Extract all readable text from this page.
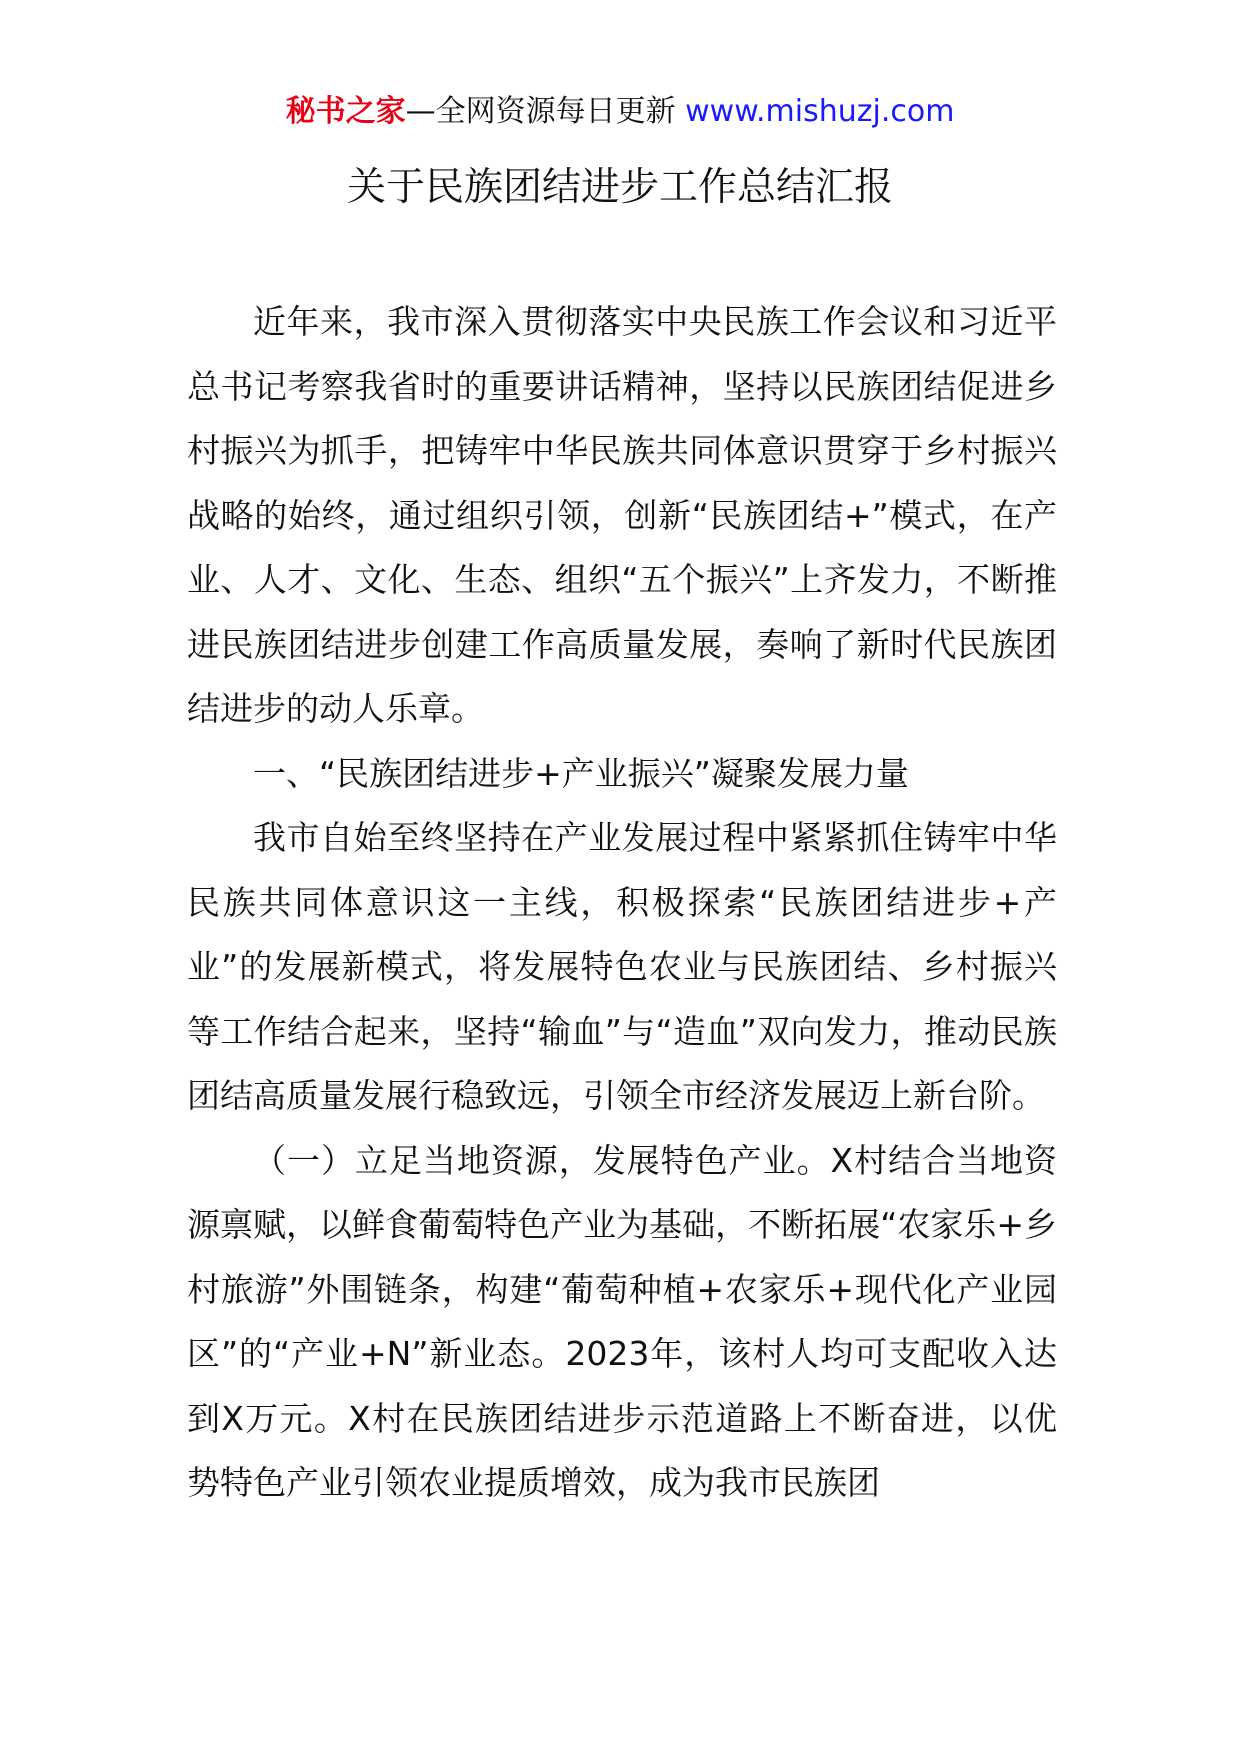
秘书之家—全网资源每日更新 www.mishuzj.com
关于民族团结进步工作总结汇报

近年来，我市深入贯彻落实中央民族工作会议和习近平总书记考察我省时的重要讲话精神，坚持以民族团结促进乡村振兴为抓手，把铸牢中华民族共同体意识贯穿于乡村振兴战略的始终，通过组织引领，创新“民族团结+”模式，在产业、人才、文化、生态、组织“五个振兴”上齐发力，不断推进民族团结进步创建工作高质量发展，奏响了新时代民族团结进步的动人乐章。

一、“民族团结进步+产业振兴”凝聚发展力量

我市自始至终坚持在产业发展过程中紧紧抓住铸牢中华民族共同体意识这一主线，积极探索“民族团结进步+产业”的发展新模式，将发展特色农业与民族团结、乡村振兴等工作结合起来，坚持“输血”与“造血”双向发力，推动民族团结高质量发展行稳致远，引领全市经济发展迈上新台阶。

（一）立足当地资源，发展特色产业。X村结合当地资源禀赋，以鲜食葡萄特色产业为基础，不断拓展“农家乐+乡村旅游”外围链条，构建“葡萄种植+农家乐+现代化产业园区”的“产业+N”新业态。2023年，该村人均可支配收入达到X万元。X村在民族团结进步示范道路上不断奋进，以优势特色产业引领农业提质增效，成为我市民族团
